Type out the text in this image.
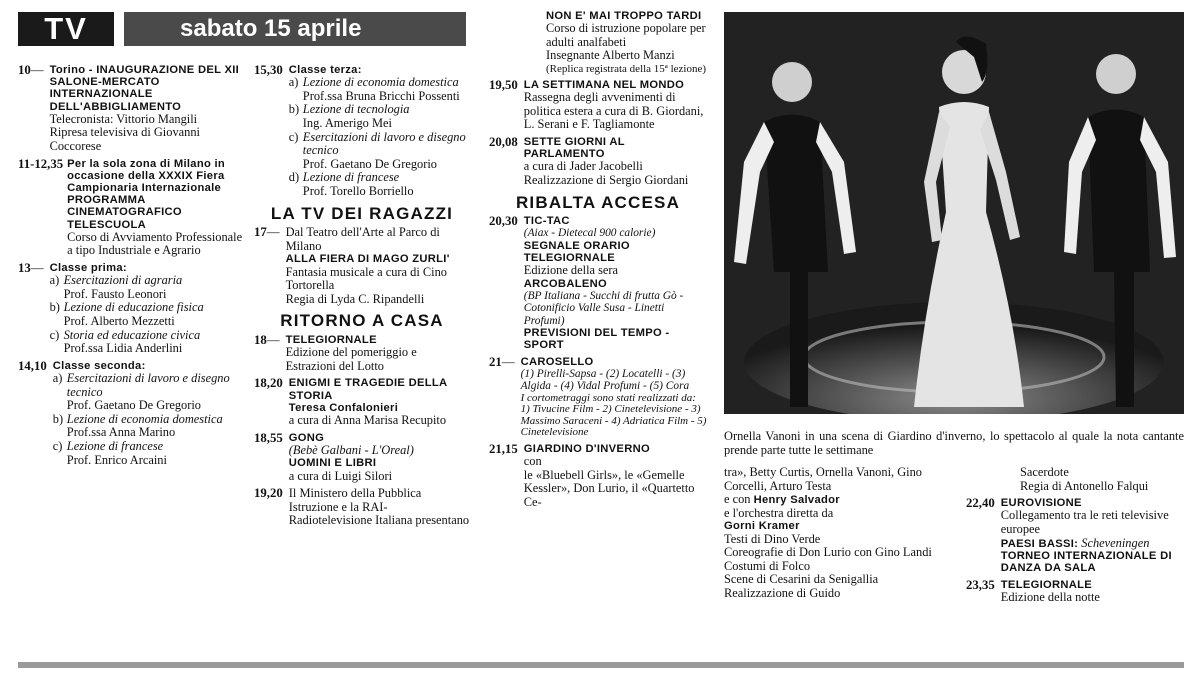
TV	sabato 15 aprile
10— Torino - INAUGURAZIONE DEL XII SALONE-MERCATO INTERNAZIONALE DELL'ABBIGLIAMENTO
Telecronista: Vittorio Mangili
Ripresa televisiva di Giovanni Coccorese
11-12,35 Per la sola zona di Milano in occasione della XXXIX Fiera Campionaria Internazionale
PROGRAMMA CINEMATOGRAFICO
TELESCUOLA
Corso di Avviamento Professionale a tipo Industriale e Agrario
13— Classe prima:
a) Esercitazioni di agraria
Prof. Fausto Leonori
b) Lezione di educazione fisica
Prof. Alberto Mezzetti
c) Storia ed educazione civica
Prof.ssa Lidia Anderlini
14,10 Classe seconda:
a) Esercitazioni di lavoro e disegno tecnico
Prof. Gaetano De Gregorio
b) Lezione di economia domestica
Prof.ssa Anna Marino
c) Lezione di francese
Prof. Enrico Arcaini
15,30 Classe terza:
a) Lezione di economia domestica
Prof.ssa Bruna Bricchi Possenti
b) Lezione di tecnologia
Ing. Amerigo Mei
c) Esercitazioni di lavoro e disegno tecnico
Prof. Gaetano De Gregorio
d) Lezione di francese
Prof. Torello Borriello
LA TV DEI RAGAZZI
17— Dal Teatro dell'Arte al Parco di Milano
ALLA FIERA DI MAGO ZURLI'
Fantasia musicale a cura di Cino Tortorella
Regia di Lyda C. Ripandelli
RITORNO A CASA
18— TELEGIORNALE
Edizione del pomeriggio e Estrazioni del Lotto
18,20 ENIGMI E TRAGEDIE DELLA STORIA
Teresa Confalonieri
a cura di Anna Marisa Recupito
18,55 GONG
(Bebè Galbani - L'Oreal)
UOMINI E LIBRI
a cura di Luigi Silori
19,20 Il Ministero della Pubblica Istruzione e la RAI-Radiotelevisione Italiana presentano
NON E' MAI TROPPO TARDI
Corso di istruzione popolare per adulti analfabeti
Insegnante Alberto Manzi
(Replica registrata della 15ª lezione)
19,50 LA SETTIMANA NEL MONDO
Rassegna degli avvenimenti di politica estera a cura di B. Giordani, L. Serani e F. Tagliamonte
20,08 SETTE GIORNI AL PARLAMENTO
a cura di Jader Jacobelli
Realizzazione di Sergio Giordani
RIBALTA ACCESA
20,30 TIC-TAC
(Aiax - Dietecal 900 calorie)
SEGNALE ORARIO
TELEGIORNALE
Edizione della sera
ARCOBALENO
(BP Italiana - Succhi di frutta Gò - Cotonificio Valle Susa - Linetti Profumi)
PREVISIONI DEL TEMPO - SPORT
21— CAROSELLO
(1) Pirelli-Sapsa - (2) Locatelli - (3) Algida - (4) Vidal Profumi - (5) Cora
I cortometraggi sono stati realizzati da: 1) Tivucine Film - 2) Cinetelevisione - 3) Massimo Saraceni - 4) Adriatica Film - 5) Cinetelevisione
21,15 GIARDINO D'INVERNO
con
le «Bluebell Girls», le «Gemelle Kessler», Don Lurio, il «Quartetto Ce-
Ornella Vanoni in una scena di Giardino d'inverno, lo spettacolo al quale la nota cantante prende parte tutte le settimane
tra», Betty Curtis, Ornella Vanoni, Gino Corcelli, Arturo Testa
e con Henry Salvador
e l'orchestra diretta da
Gorni Kramer
Testi di Dino Verde
Coreografie di Don Lurio con Gino Landi
Costumi di Folco
Scene di Cesarini da Senigallia
Realizzazione di Guido
Sacerdote
Regia di Antonello Falqui
22,40 EUROVISIONE
Collegamento tra le reti televisive europee
PAESI BASSI: Scheveningen
TORNEO INTERNAZIONALE DI DANZA DA SALA
23,35 TELEGIORNALE
Edizione della notte
